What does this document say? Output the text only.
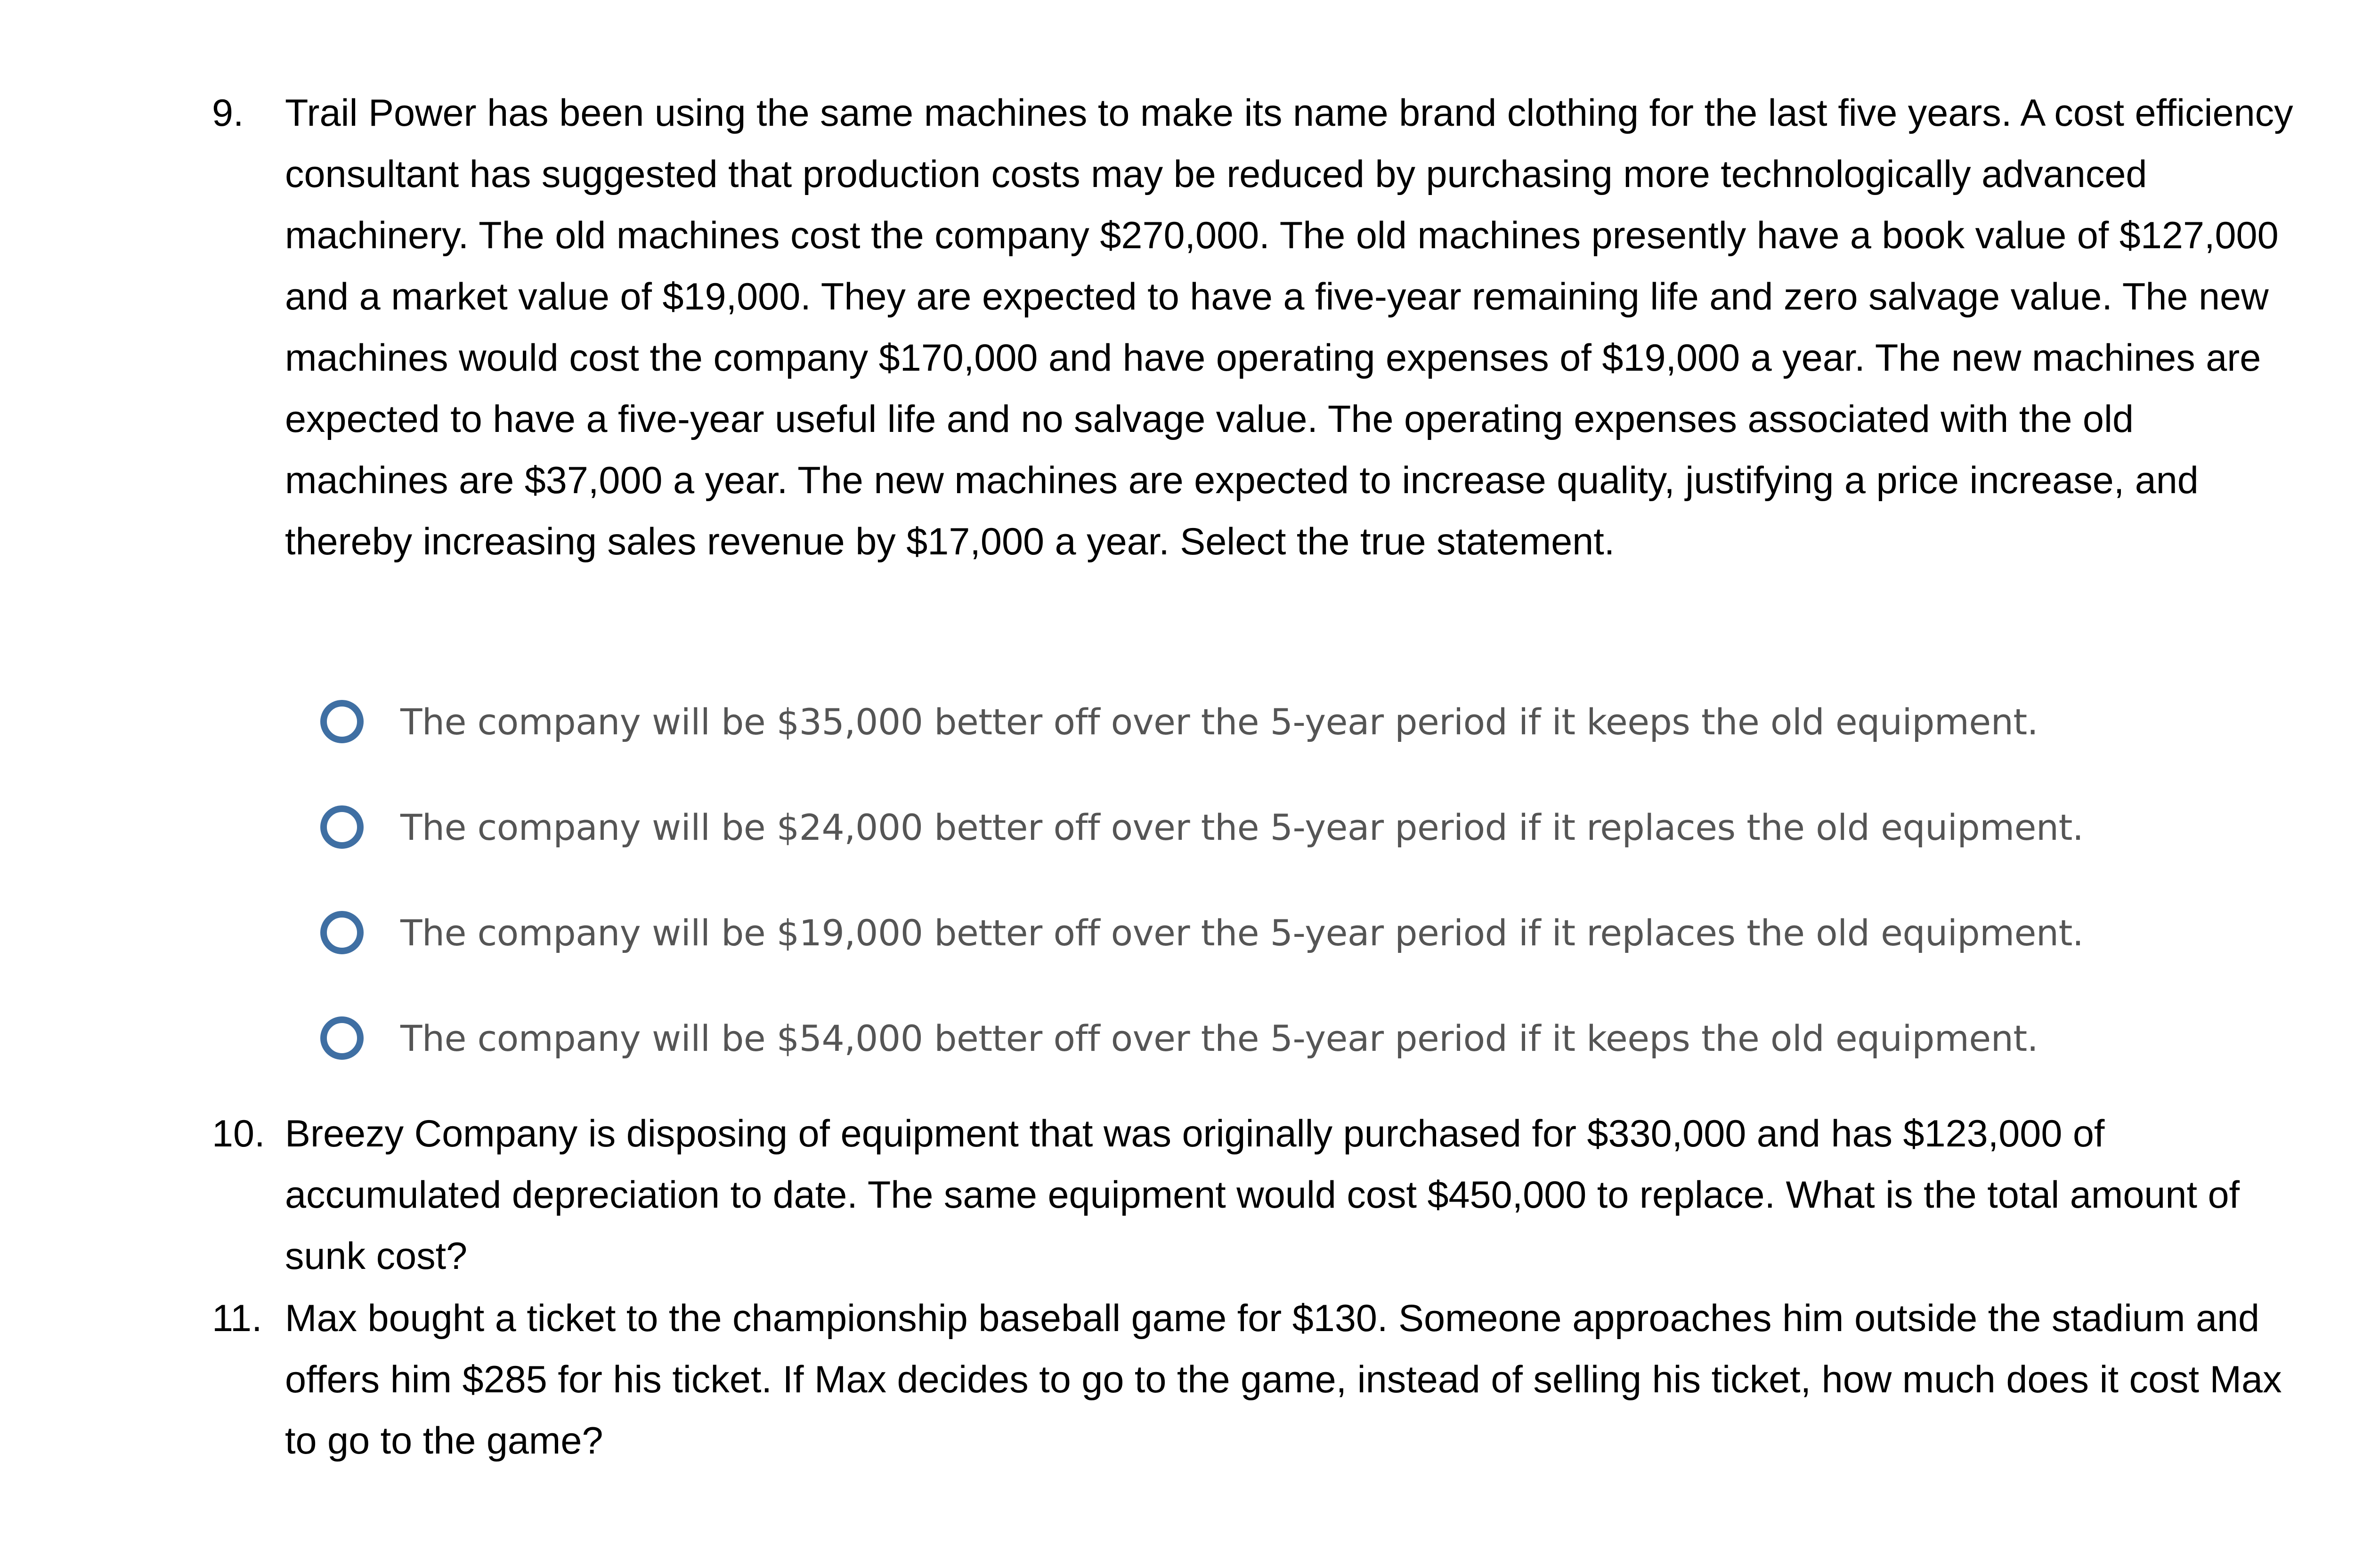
9.	Trail Power has been using the same machines to make its name brand clothing for the last five years. A cost efficiency consultant has suggested that production costs may be reduced by purchasing more technologically advanced machinery. The old machines cost the company $270,000. The old machines presently have a book value of $127,000 and a market value of $19,000. They are expected to have a five-year remaining life and zero salvage value. The new machines would cost the company $170,000 and have operating expenses of $19,000 a year. The new machines are expected to have a five-year useful life and no salvage value. The operating expenses associated with the old machines are $37,000 a year. The new machines are expected to increase quality, justifying a price increase, and thereby increasing sales revenue by $17,000 a year. Select the true statement.
The company will be $35,000 better off over the 5-year period if it keeps the old equipment.
The company will be $24,000 better off over the 5-year period if it replaces the old equipment.
The company will be $19,000 better off over the 5-year period if it replaces the old equipment.
The company will be $54,000 better off over the 5-year period if it keeps the old equipment.
10. Breezy Company is disposing of equipment that was originally purchased for $330,000 and has $123,000 of accumulated depreciation to date. The same equipment would cost $450,000 to replace. What is the total amount of sunk cost?
11. Max bought a ticket to the championship baseball game for $130. Someone approaches him outside the stadium and offers him $285 for his ticket. If Max decides to go to the game, instead of selling his ticket, how much does it cost Max to go to the game?
